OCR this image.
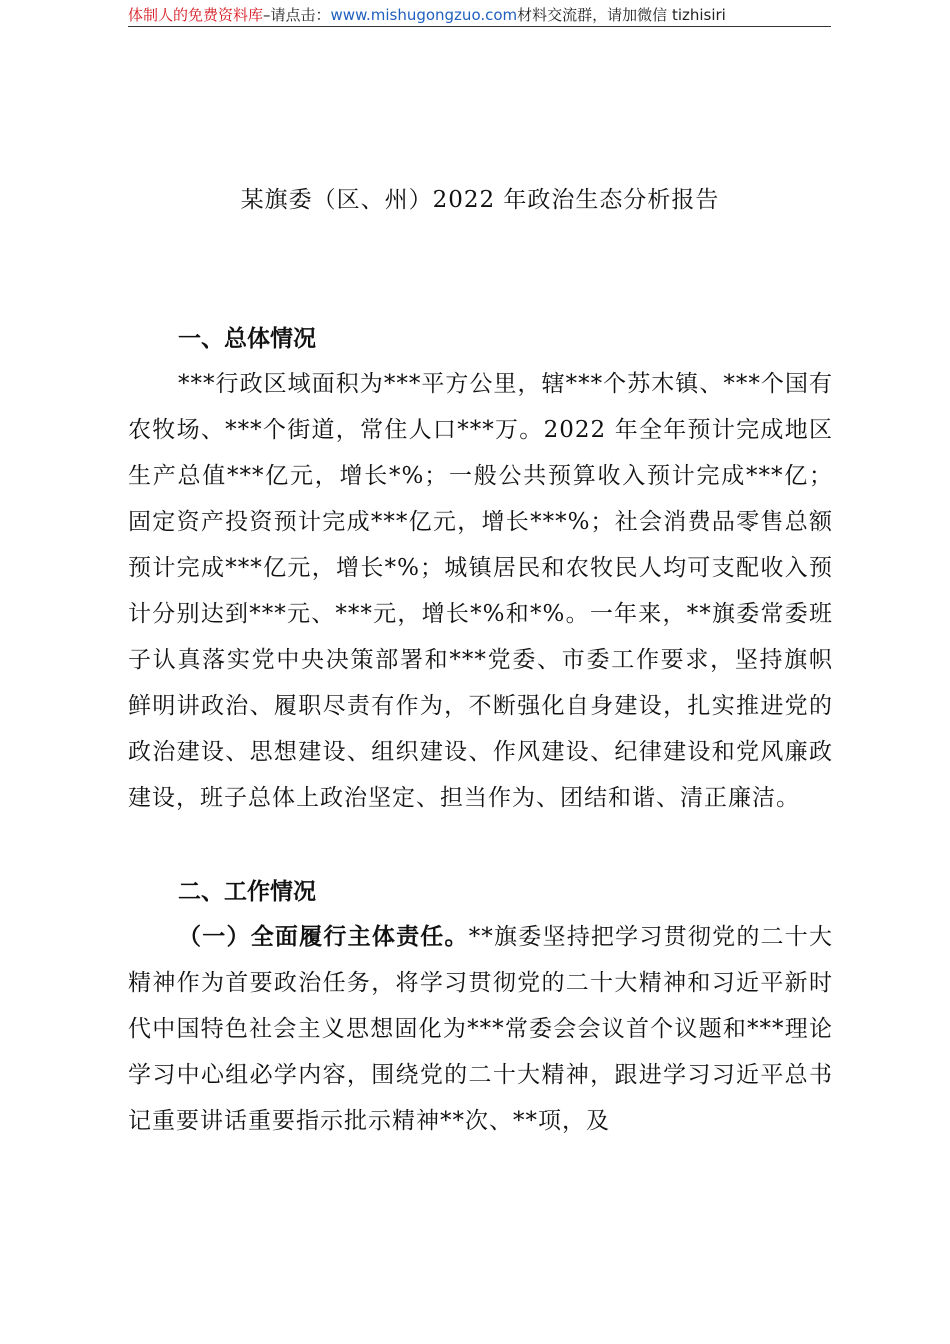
体制人的免费资料库–请点击：www.mishugongzuo.com材料交流群，请加微信 tizhisiri
某旗委（区、州）2022 年政治生态分析报告
一、总体情况

***行政区域面积为***平方公里，辖***个苏木镇、***个国有农牧场、***个街道，常住人口***万。2022 年全年预计完成地区生产总值***亿元，增长*%；一般公共预算收入预计完成***亿；固定资产投资预计完成***亿元，增长***%；社会消费品零售总额预计完成***亿元，增长*%；城镇居民和农牧民人均可支配收入预计分别达到***元、***元，增长*%和*%。一年来，**旗委常委班子认真落实党中央决策部署和***党委、市委工作要求，坚持旗帜鲜明讲政治、履职尽责有作为，不断强化自身建设，扎实推进党的政治建设、思想建设、组织建设、作风建设、纪律建设和党风廉政建设，班子总体上政治坚定、担当作为、团结和谐、清正廉洁。

二、工作情况

（一）全面履行主体责任。**旗委坚持把学习贯彻党的二十大精神作为首要政治任务，将学习贯彻党的二十大精神和习近平新时代中国特色社会主义思想固化为***常委会会议首个议题和***理论学习中心组必学内容，围绕党的二十大精神，跟进学习习近平总书记重要讲话重要指示批示精神**次、**项，及
